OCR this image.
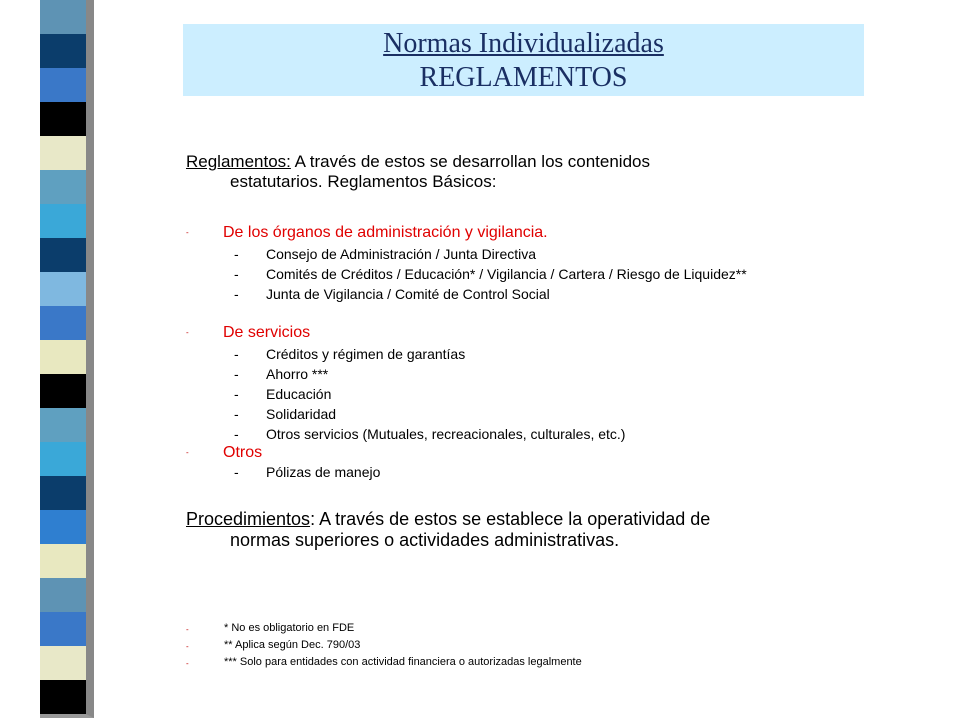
Normas Individualizadas
REGLAMENTOS
Reglamentos: A través de estos se desarrollan los contenidos
estatutarios. Reglamentos Básicos:
- De los órganos de administración y vigilancia.
- Consejo de Administración / Junta Directiva
- Comités de Créditos / Educación* / Vigilancia / Cartera / Riesgo de Liquidez**
- Junta de Vigilancia / Comité de Control Social
- De servicios
- Créditos y régimen de garantías
- Ahorro ***
- Educación
- Solidaridad
- Otros servicios (Mutuales, recreacionales, culturales, etc.)
- Otros
- Pólizas de manejo
Procedimientos: A través de estos se establece la operatividad de
normas superiores o actividades administrativas.
-	* No es obligatorio en FDE
-	** Aplica según Dec. 790/03
-	*** Solo para entidades con actividad financiera o autorizadas legalmente
